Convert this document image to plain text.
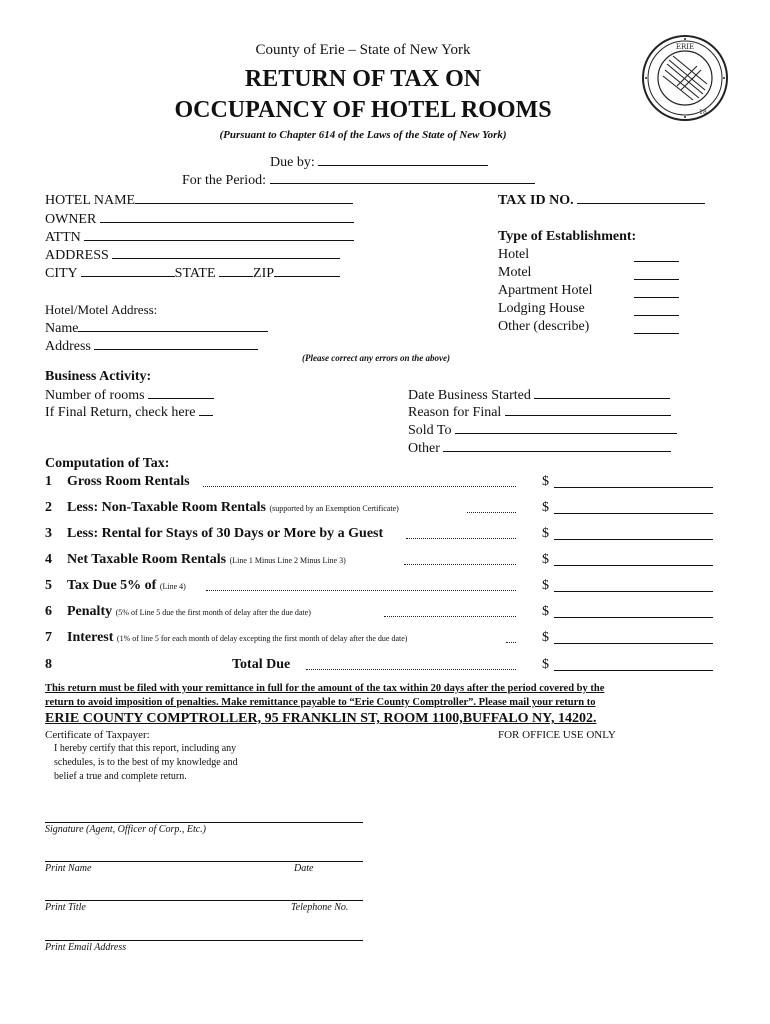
ERIE
18
County of Erie – State of New York
RETURN OF TAX ON
OCCUPANCY OF HOTEL ROOMS
(Pursuant to Chapter 614 of the Laws of the State of New York)
Due by:
For the Period:
HOTEL NAME
OWNER
ATTN
ADDRESS
CITY	STATE	ZIP
TAX ID NO.
Type of Establishment:
Hotel
Motel
Apartment Hotel
Lodging House
Other (describe)
Hotel/Motel Address:
Name
Address
(Please correct any errors on the above)
Business Activity:
Number of rooms
If Final Return, check here
Date Business Started
Reason for Final
Sold To
Other
Computation of Tax:
1 Gross Room Rentals	$
2 Less: Non-Taxable Room Rentals (supported by an Exemption Certificate)	$
3 Less: Rental for Stays of 30 Days or More by a Guest	$
4 Net Taxable Room Rentals (Line 1 Minus Line 2 Minus Line 3)	$
5 Tax Due 5% of (Line 4)	$
6 Penalty (5% of Line 5 due the first month of delay after the due date)	$
7 Interest (1% of line 5 for each month of delay excepting the first month of delay after the due date)	$
8	Total Due	$
This return must be filed with your remittance in full for the amount of the tax within 20 days after the period covered by the
return to avoid imposition of penalties. Make remittance payable to “Erie County Comptroller”. Please mail your return to
ERIE COUNTY COMPTROLLER, 95 FRANKLIN ST, ROOM 1100,BUFFALO NY, 14202.
Certificate of Taxpayer:
I hereby certify that this report, including any
schedules, is to the best of my knowledge and
belief a true and complete return.
FOR OFFICE USE ONLY
Signature (Agent, Officer of Corp., Etc.)
Print Name	Date
Print Title	Telephone No.
Print Email Address
